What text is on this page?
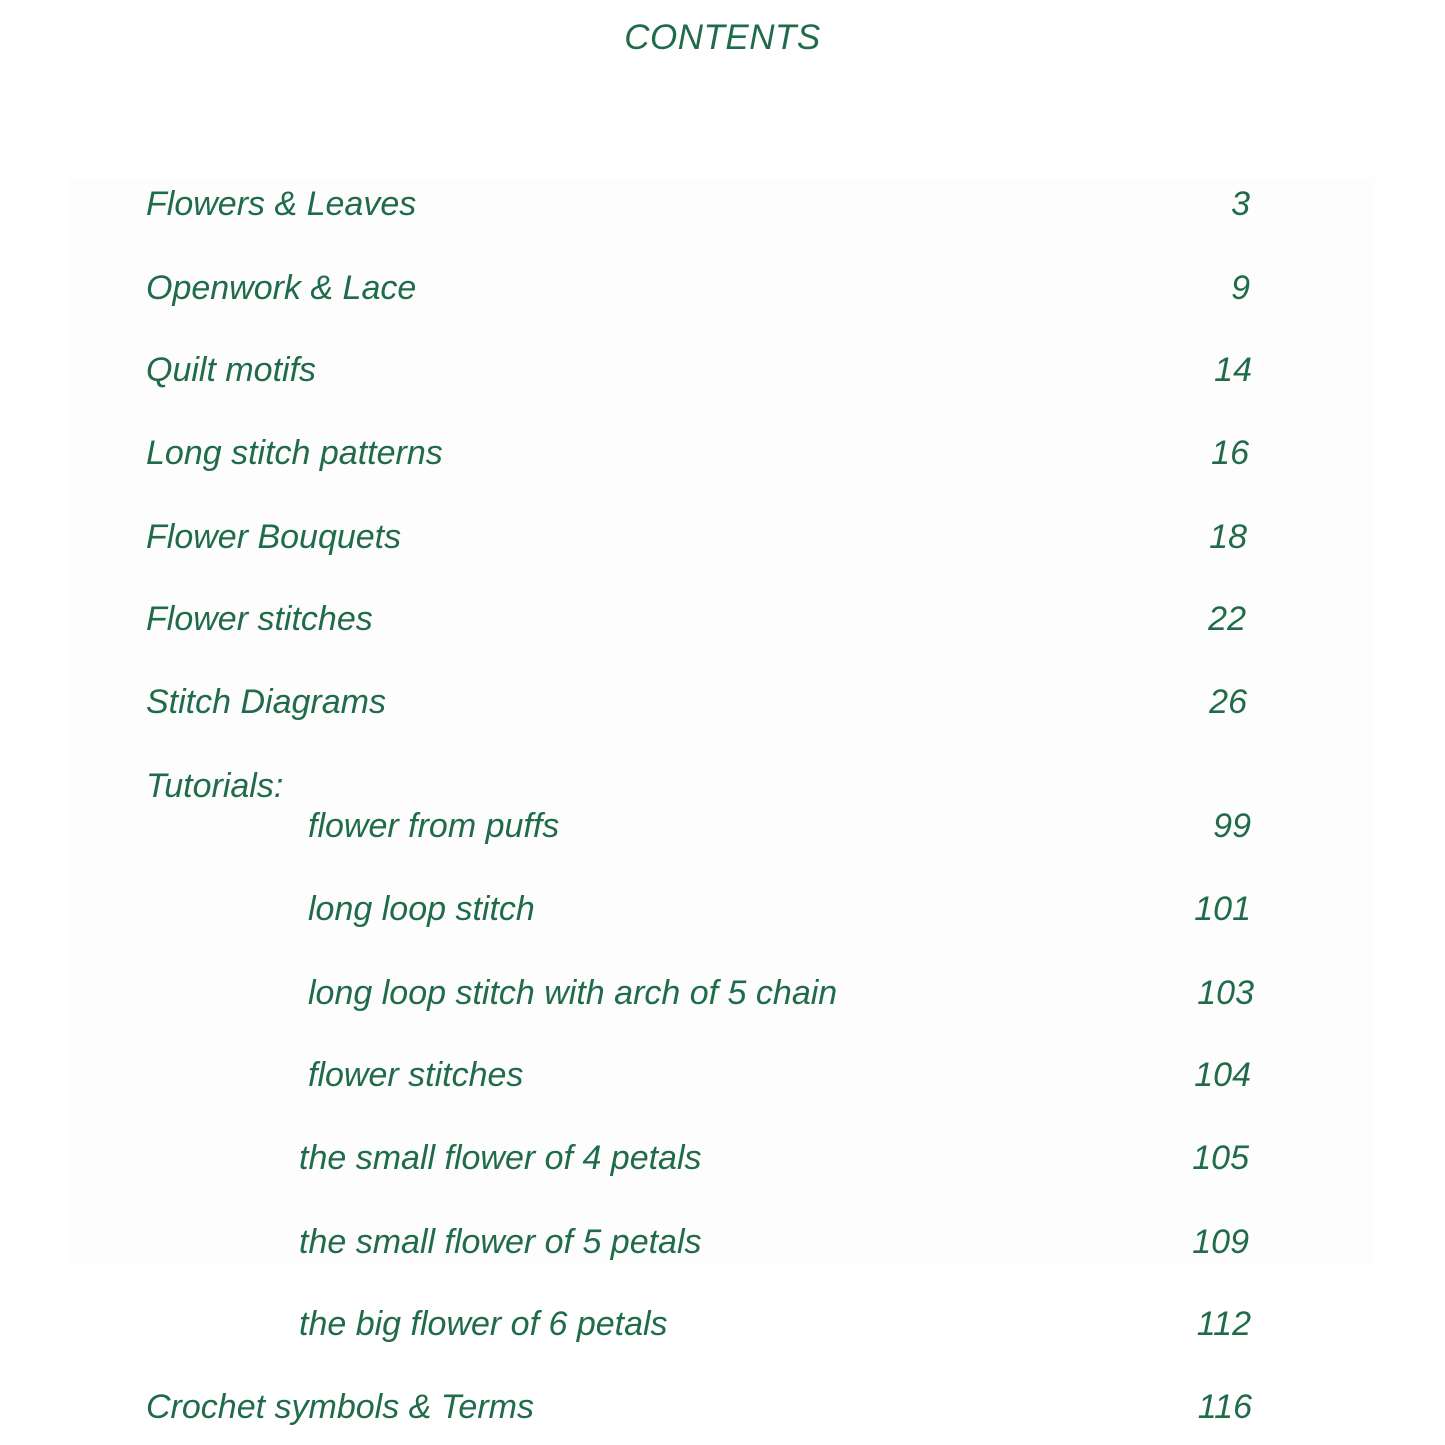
CONTENTS
Flowers & Leaves	3
Openwork & Lace	9
Quilt motifs	14
Long stitch patterns	16
Flower Bouquets	18
Flower stitches	22
Stitch Diagrams	26
Tutorials:
flower from puffs	99
long loop stitch	101
long loop stitch with arch of 5 chain	103
flower stitches	104
the small flower of 4 petals	105
the small flower of 5 petals	109
the big flower of 6 petals	112
Crochet symbols & Terms	116
